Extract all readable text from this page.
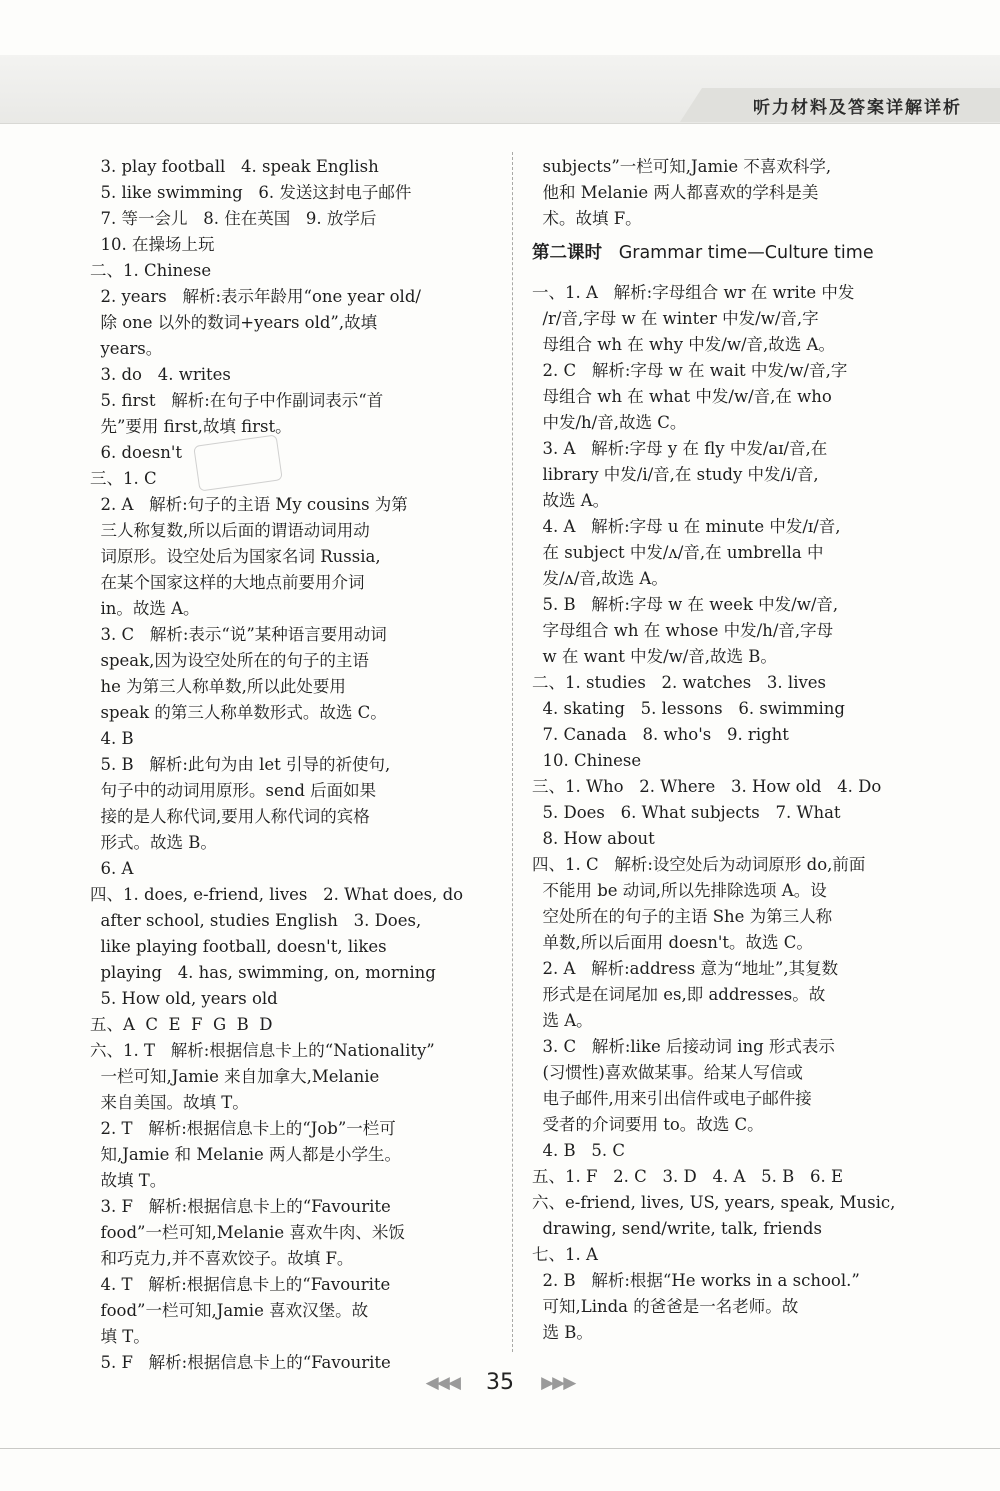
听力材料及答案详解详析
3. play football   4. speak English
5. like swimming   6. 发送这封电子邮件
7. 等一会儿   8. 住在英国   9. 放学后
10. 在操场上玩
二、1. Chinese
2. years   解析:表示年龄用“one year old/
除 one 以外的数词+years old”,故填
years。
3. do   4. writes
5. first   解析:在句子中作副词表示“首
先”要用 first,故填 first。
6. doesn't
三、1. C
2. A   解析:句子的主语 My cousins 为第
三人称复数,所以后面的谓语动词用动
词原形。设空处后为国家名词 Russia,
在某个国家这样的大地点前要用介词
in。故选 A。
3. C   解析:表示“说”某种语言要用动词
speak,因为设空处所在的句子的主语
he 为第三人称单数,所以此处要用
speak 的第三人称单数形式。故选 C。
4. B
5. B   解析:此句为由 let 引导的祈使句,
句子中的动词用原形。send 后面如果
接的是人称代词,要用人称代词的宾格
形式。故选 B。
6. A
四、1. does, e-friend, lives   2. What does, do
after school, studies English   3. Does,
like playing football, doesn't, likes
playing   4. has, swimming, on, morning
5. How old, years old
五、A  C  E  F  G  B  D
六、1. T   解析:根据信息卡上的“Nationality”
一栏可知,Jamie 来自加拿大,Melanie
来自美国。故填 T。
2. T   解析:根据信息卡上的“Job”一栏可
知,Jamie 和 Melanie 两人都是小学生。
故填 T。
3. F   解析:根据信息卡上的“Favourite
food”一栏可知,Melanie 喜欢牛肉、米饭
和巧克力,并不喜欢饺子。故填 F。
4. T   解析:根据信息卡上的“Favourite
food”一栏可知,Jamie 喜欢汉堡。故
填 T。
5. F   解析:根据信息卡上的“Favourite
subjects”一栏可知,Jamie 不喜欢科学,
他和 Melanie 两人都喜欢的学科是美
术。故填 F。
第二课时 Grammar time—Culture time
一、1. A   解析:字母组合 wr 在 write 中发
/r/音,字母 w 在 winter 中发/w/音,字
母组合 wh 在 why 中发/w/音,故选 A。
2. C   解析:字母 w 在 wait 中发/w/音,字
母组合 wh 在 what 中发/w/音,在 who
中发/h/音,故选 C。
3. A   解析:字母 y 在 fly 中发/aɪ/音,在
library 中发/i/音,在 study 中发/i/音,
故选 A。
4. A   解析:字母 u 在 minute 中发/ɪ/音,
在 subject 中发/ʌ/音,在 umbrella 中
发/ʌ/音,故选 A。
5. B   解析:字母 w 在 week 中发/w/音,
字母组合 wh 在 whose 中发/h/音,字母
w 在 want 中发/w/音,故选 B。
二、1. studies   2. watches   3. lives
4. skating   5. lessons   6. swimming
7. Canada   8. who's   9. right
10. Chinese
三、1. Who   2. Where   3. How old   4. Do
5. Does   6. What subjects   7. What
8. How about
四、1. C   解析:设空处后为动词原形 do,前面
不能用 be 动词,所以先排除选项 A。设
空处所在的句子的主语 She 为第三人称
单数,所以后面用 doesn't。故选 C。
2. A   解析:address 意为“地址”,其复数
形式是在词尾加 es,即 addresses。故
选 A。
3. C   解析:like 后接动词 ing 形式表示
(习惯性)喜欢做某事。给某人写信或
电子邮件,用来引出信件或电子邮件接
受者的介词要用 to。故选 C。
4. B   5. C
五、1. F   2. C   3. D   4. A   5. B   6. E
六、e-friend, lives, US, years, speak, Music,
drawing, send/write, talk, friends
七、1. A
2. B   解析:根据“He works in a school.”
可知,Linda 的爸爸是一名老师。故
选 B。
◀◀◀ 35 ▶▶▶
